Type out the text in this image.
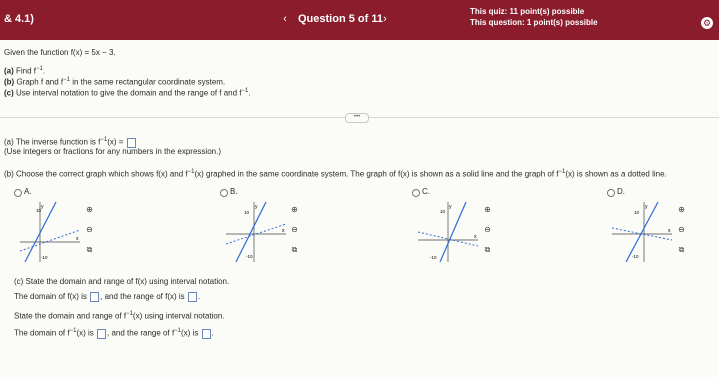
& 4.1)	‹	Question 5 of 11 ›
This quiz: 11 point(s) possible
This question: 1 point(s) possible	⚙
Given the function f(x) = 5x − 3.
(a) Find $f^{-1}$.
(b) Graph f and $f^{-1}$ in the same rectangular coordinate system.
(c) Use interval notation to give the domain and the range of f and $f^{-1}$.
•••
(a) The inverse function is $f^{-1}(x)$ =
(Use integers or fractions for any numbers in the expression.)
(b) Choose the correct graph which shows f(x) and $f^{-1}(x)$ graphed in the same coordinate system. The graph of f(x) is shown as a solid line and the graph of $f^{-1}(x)$ is shown as a dotted line.
A.
y
x
10
-10
⊕
⊖
⧉
B.
y
x
10
-10
⊕
⊖
⧉
C.
y
x
10
-10
⊕
⊖
⧉
D.
y
x
10
-10
⊕
⊖
⧉
(c) State the domain and range of f(x) using interval notation.
The domain of f(x) is , and the range of f(x) is .
State the domain and range of $f^{-1}(x)$ using interval notation.
The domain of $f^{-1}(x)$ is , and the range of $f^{-1}(x)$ is .
